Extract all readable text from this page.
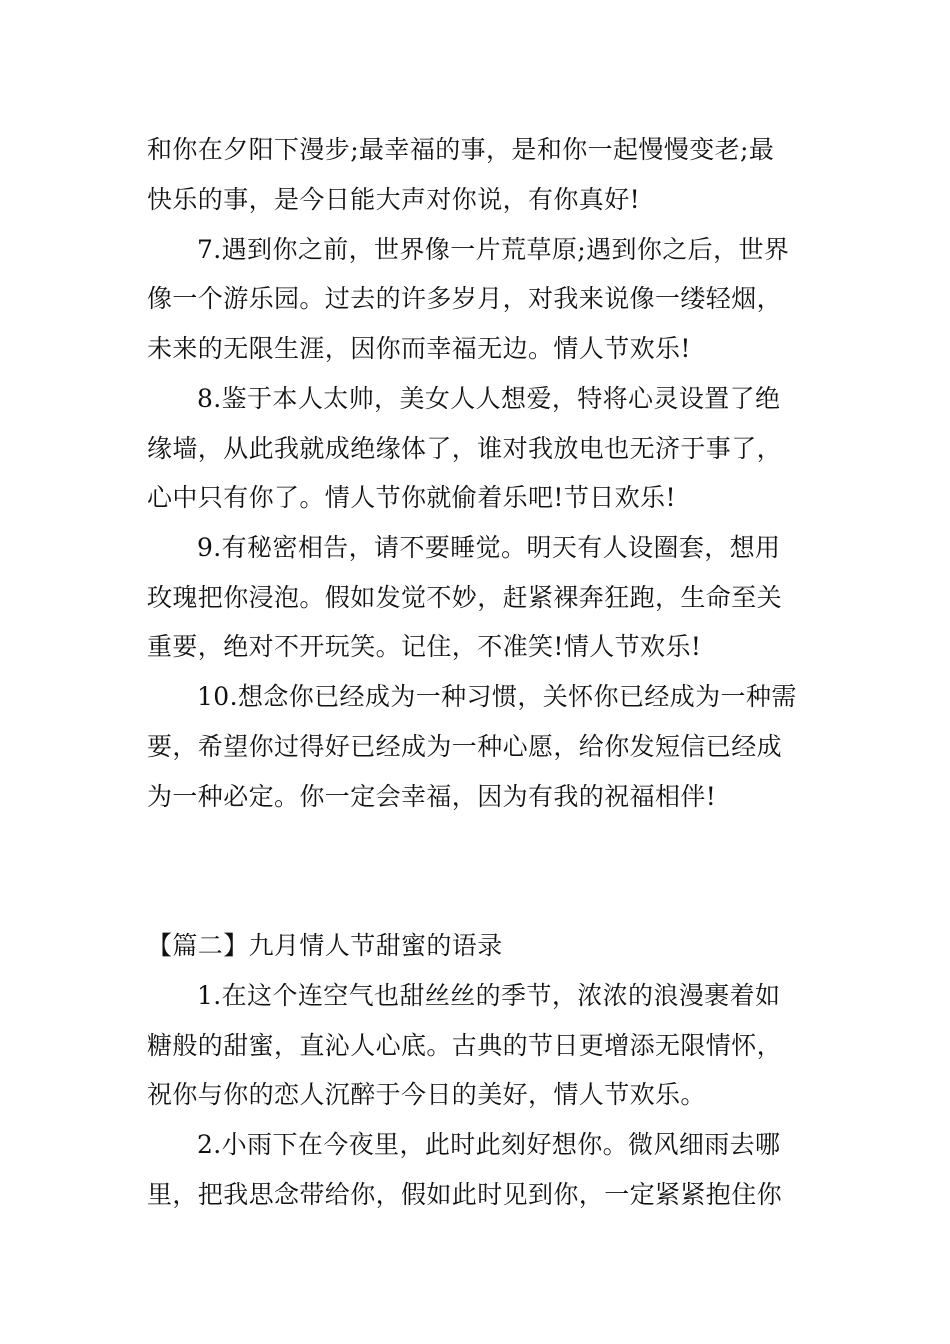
和你在夕阳下漫步;最幸福的事，是和你一起慢慢变老;最
快乐的事，是今日能大声对你说，有你真好!
7.遇到你之前，世界像一片荒草原;遇到你之后，世界
像一个游乐园。过去的许多岁月，对我来说像一缕轻烟，
未来的无限生涯，因你而幸福无边。情人节欢乐!
8.鉴于本人太帅，美女人人想爱，特将心灵设置了绝
缘墙，从此我就成绝缘体了，谁对我放电也无济于事了，
心中只有你了。情人节你就偷着乐吧!节日欢乐!
9.有秘密相告，请不要睡觉。明天有人设圈套，想用
玫瑰把你浸泡。假如发觉不妙，赶紧裸奔狂跑，生命至关
重要，绝对不开玩笑。记住，不准笑!情人节欢乐!
10.想念你已经成为一种习惯，关怀你已经成为一种需
要，希望你过得好已经成为一种心愿，给你发短信已经成
为一种必定。你一定会幸福，因为有我的祝福相伴!
【篇二】九月情人节甜蜜的语录
1.在这个连空气也甜丝丝的季节，浓浓的浪漫裹着如
糖般的甜蜜，直沁人心底。古典的节日更增添无限情怀，
祝你与你的恋人沉醉于今日的美好，情人节欢乐。
2.小雨下在今夜里，此时此刻好想你。微风细雨去哪
里，把我思念带给你，假如此时见到你，一定紧紧抱住你
